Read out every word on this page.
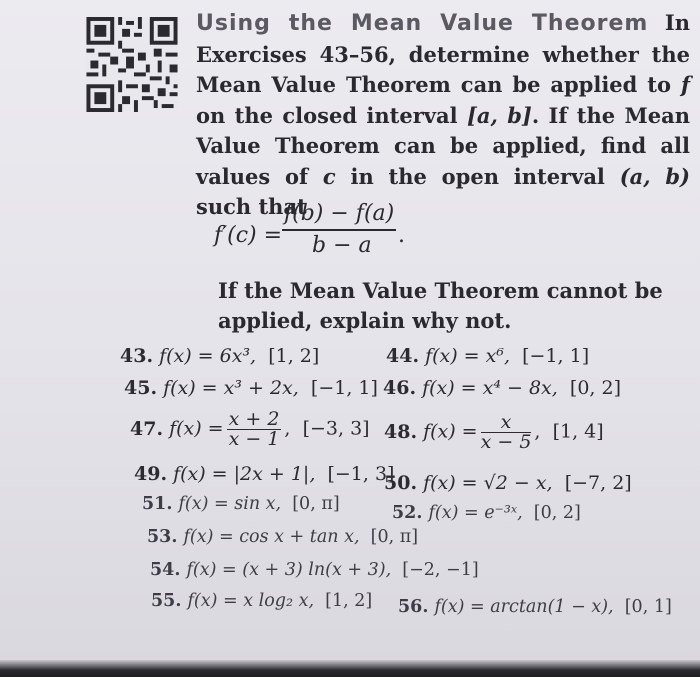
Using the Mean Value Theorem In Exercises 43–56, determine whether the Mean Value Theorem can be applied to f on the closed interval [a, b]. If the Mean Value Theorem can be applied, find all values of c in the open interval (a, b) such that
f′(c) =
f(b) − f(a)
b − a .
If the Mean Value Theorem cannot be applied, explain why not.
43. f(x) = 6x³, [1, 2]	44. f(x) = x⁶, [−1, 1]
45. f(x) = x³ + 2x, [−1, 1] 46. f(x) = x⁴ − 8x, [0, 2]
47. $f(x) = \frac{x + 2}{x - 1}$ , [−3, 3] 48. $f(x) = \frac{x}{x - 5}$ , [1, 4]
49. f(x) = |2x + 1|, [−1, 3]
50. f(x) = √2 − x, [−7, 2]
51. f(x) = sin x, [0, π]	52. f(x) = e⁻³ˣ, [0, 2]
53. f(x) = cos x + tan x, [0, π]
54. f(x) = (x + 3) ln(x + 3), [−2, −1]
55. f(x) = x log₂ x, [1, 2] 56. f(x) = arctan(1 − x), [0, 1]
